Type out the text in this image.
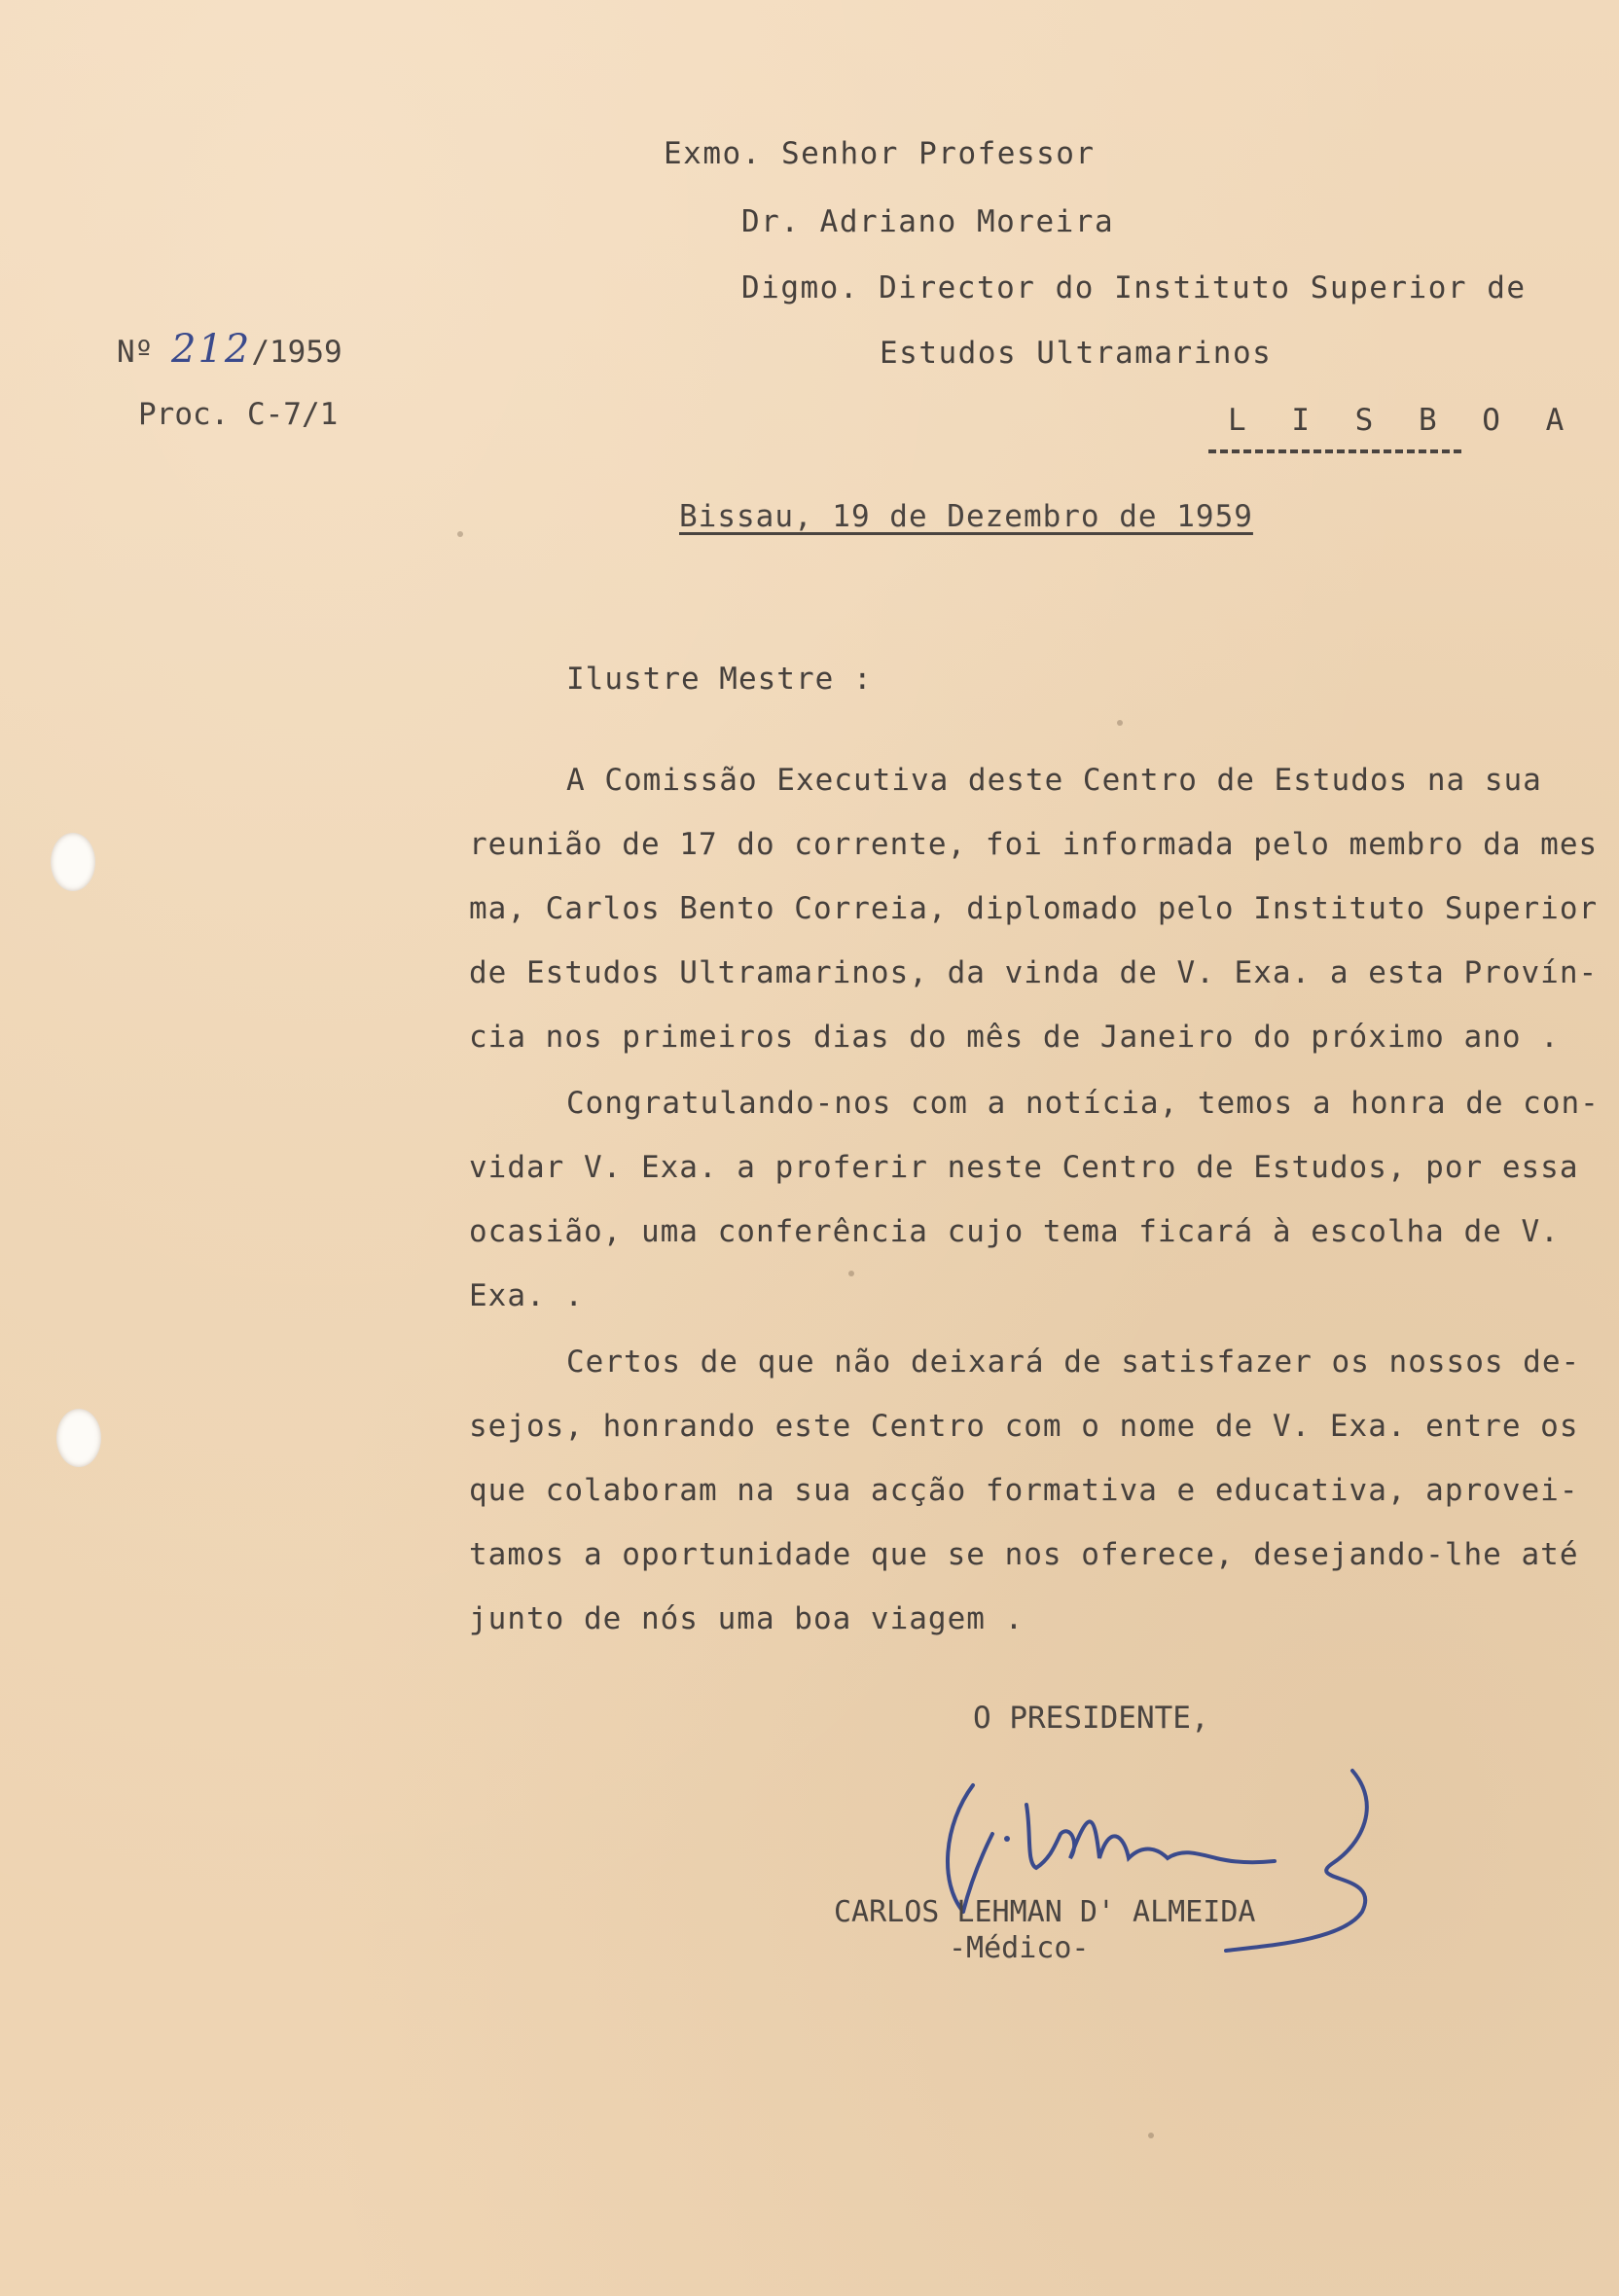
Exmo. Senhor Professor
Dr. Adriano Moreira
Digmo. Director do Instituto Superior de
Estudos Ultramarinos
L I S B O A
Nº 212/1959
Proc. C-7/1
Bissau, 19 de Dezembro de 1959
Ilustre Mestre :
A Comissão Executiva deste Centro de Estudos na sua
reunião de 17 do corrente, foi informada pelo membro da mes
ma, Carlos Bento Correia, diplomado pelo Instituto Superior
de Estudos Ultramarinos, da vinda de V. Exa. a esta Provín-
cia nos primeiros dias do mês de Janeiro do próximo ano .
Congratulando-nos com a notícia, temos a honra de con-
vidar V. Exa. a proferir neste Centro de Estudos, por essa
ocasião, uma conferência cujo tema ficará à escolha de V.
Exa. .
Certos de que não deixará de satisfazer os nossos de-
sejos, honrando este Centro com o nome de V. Exa. entre os
que colaboram na sua acção formativa e educativa, aprovei-
tamos a oportunidade que se nos oferece, desejando-lhe até
junto de nós uma boa viagem .
O PRESIDENTE,
CARLOS LEHMAN D' ALMEIDA
-Médico-
